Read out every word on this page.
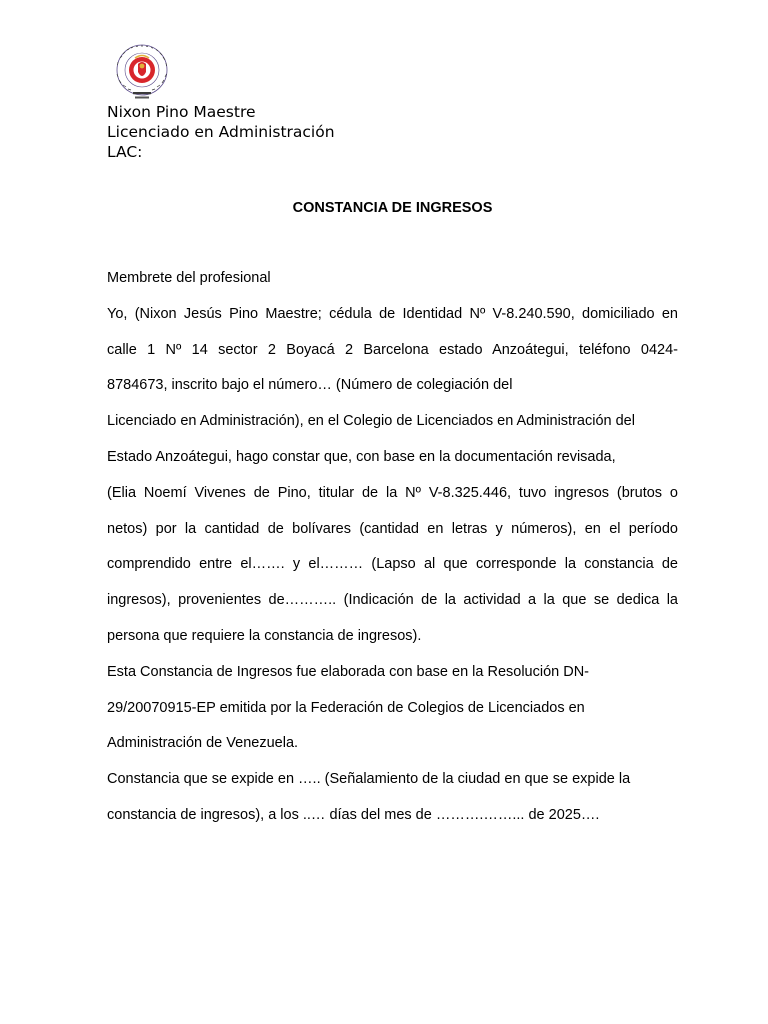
Nixon Pino Maestre
Licenciado en Administración
LAC:
CONSTANCIA DE INGRESOS
Membrete del profesional
Yo, (Nixon Jesús Pino Maestre; cédula de Identidad Nº V-8.240.590, domiciliado en
calle 1 Nº 14 sector 2 Boyacá 2 Barcelona estado Anzoátegui, teléfono 0424-
8784673, inscrito bajo el número… (Número de colegiación del
Licenciado en Administración), en el Colegio de Licenciados en Administración del
Estado Anzoátegui, hago constar que, con base en la documentación revisada,
(Elia Noemí Vivenes de Pino, titular de la Nº V-8.325.446, tuvo ingresos (brutos o
netos) por la cantidad de bolívares (cantidad en letras y números), en el período
comprendido entre el……. y el……… (Lapso al que corresponde la constancia de
ingresos), provenientes de……….. (Indicación de la actividad a la que se dedica la
persona que requiere la constancia de ingresos).
Esta Constancia de Ingresos fue elaborada con base en la Resolución DN-
29/20070915-EP emitida por la Federación de Colegios de Licenciados en
Administración de Venezuela.
Constancia que se expide en ….. (Señalamiento de la ciudad en que se expide la
constancia de ingresos), a los ..… días del mes de ……….……... de 2025….
